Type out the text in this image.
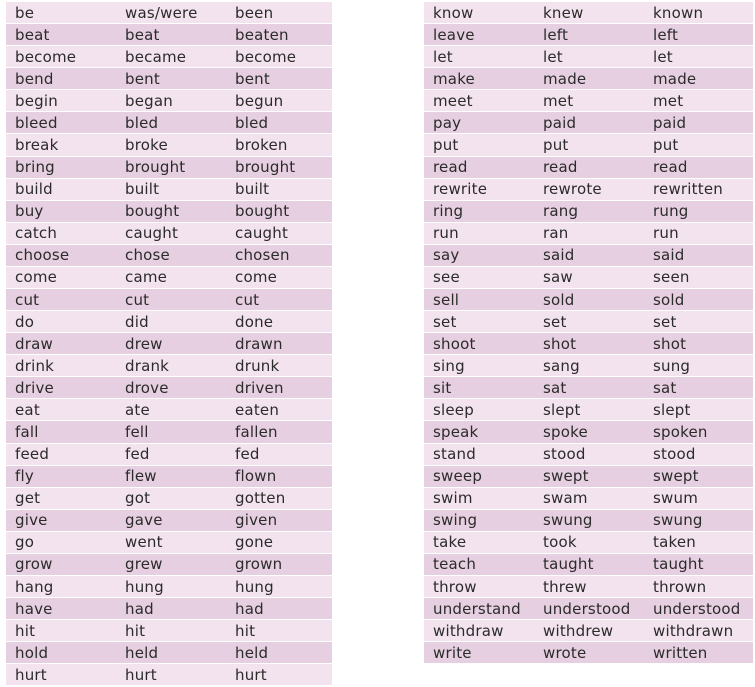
be	was/were	been
beat	beat	beaten
become	became	become
bend	bent	bent
begin	began	begun
bleed	bled	bled
break	broke	broken
bring	brought	brought
build	built	built
buy	bought	bought
catch	caught	caught
choose	chose	chosen
come	came	come
cut	cut	cut
do	did	done
draw	drew	drawn
drink	drank	drunk
drive	drove	driven
eat	ate	eaten
fall	fell	fallen
feed	fed	fed
fly	flew	flown
get	got	gotten
give	gave	given
go	went	gone
grow	grew	grown
hang	hung	hung
have	had	had
hit	hit	hit
hold	held	held
hurt	hurt	hurt
know	knew	known
leave	left	left
let	let	let
make	made	made
meet	met	met
pay	paid	paid
put	put	put
read	read	read
rewrite	rewrote	rewritten
ring	rang	rung
run	ran	run
say	said	said
see	saw	seen
sell	sold	sold
set	set	set
shoot	shot	shot
sing	sang	sung
sit	sat	sat
sleep	slept	slept
speak	spoke	spoken
stand	stood	stood
sweep	swept	swept
swim	swam	swum
swing	swung	swung
take	took	taken
teach	taught	taught
throw	threw	thrown
understand	understood	understood
withdraw	withdrew	withdrawn
write	wrote	written
